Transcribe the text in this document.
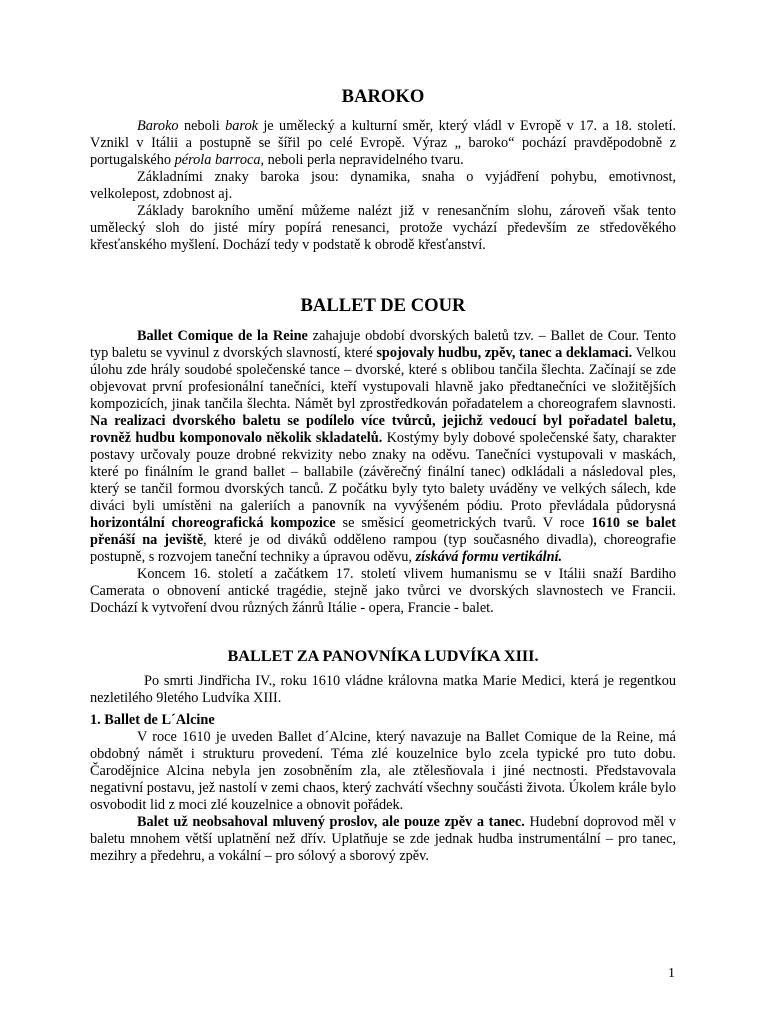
BAROKO

Baroko neboli barok je umělecký a kulturní směr, který vládl v Evropě v 17. a 18. století. Vznikl v Itálii a postupně se šířil po celé Evropě. Výraz „ baroko“ pochází pravděpodobně z portugalského pérola barroca, neboli perla nepravidelného tvaru.

Základními znaky baroka jsou: dynamika, snaha o vyjádření pohybu, emotivnost, velkolepost, zdobnost aj.

Základy barokního umění můžeme nalézt již v renesančním slohu, zároveň však tento umělecký sloh do jisté míry popírá renesanci, protože vychází především ze středověkého křesťanského myšlení. Dochází tedy v podstatě k obrodě křesťanství.

BALLET DE COUR

Ballet Comique de la Reine zahajuje období dvorských baletů tzv. – Ballet de Cour. Tento typ baletu se vyvinul z dvorských slavností, které spojovaly hudbu, zpěv, tanec a deklamaci. Velkou úlohu zde hrály soudobé společenské tance – dvorské, které s oblibou tančila šlechta. Začínají se zde objevovat první profesionální tanečníci, kteří vystupovali hlavně jako předtanečníci ve složitějších kompozicích, jinak tančila šlechta. Námět byl zprostředkován pořadatelem a choreografem slavnosti. Na realizaci dvorského baletu se podílelo více tvůrců, jejichž vedoucí byl pořadatel baletu, rovněž hudbu komponovalo několik skladatelů. Kostýmy byly dobové společenské šaty, charakter postavy určovaly pouze drobné rekvizity nebo znaky na oděvu. Tanečníci vystupovali v maskách, které po finálním le grand ballet – ballabile (závěrečný finální tanec) odkládali a následoval ples, který se tančil formou dvorských tanců. Z počátku byly tyto balety uváděny ve velkých sálech, kde diváci byli umístěni na galeriích a panovník na vyvýšeném pódiu. Proto převládala půdorysná horizontální choreografická kompozice se směsicí geometrických tvarů. V roce 1610 se balet přenáší na jeviště, které je od diváků odděleno rampou (typ současného divadla), choreografie postupně, s rozvojem taneční techniky a úpravou oděvu, získává formu vertikální.

Koncem 16. století a začátkem 17. století vlivem humanismu se v Itálii snaží Bardiho Camerata o obnovení antické tragédie, stejně jako tvůrci ve dvorských slavnostech ve Francii. Dochází k vytvoření dvou různých žánrů Itálie - opera, Francie - balet.

BALLET ZA PANOVNÍKA LUDVÍKA XIII.

Po smrti Jindřicha IV., roku 1610 vládne královna matka Marie Medici, která je regentkou nezletilého 9letého Ludvíka XIII.

1. Ballet de L´Alcine

V roce 1610 je uveden Ballet d´Alcine, který navazuje na Ballet Comique de la Reine, má obdobný námět i strukturu provedení. Téma zlé kouzelnice bylo zcela typické pro tuto dobu. Čarodějnice Alcina nebyla jen zosobněním zla, ale ztělesňovala i jiné nectnosti. Představovala negativní postavu, jež nastolí v zemi chaos, který zachvátí všechny součásti života. Úkolem krále bylo osvobodit lid z moci zlé kouzelnice a obnovit pořádek.

Balet už neobsahoval mluvený proslov, ale pouze zpěv a tanec. Hudební doprovod měl v baletu mnohem větší uplatnění než dřív. Uplatňuje se zde jednak hudba instrumentální – pro tanec, mezihry a předehru, a vokální – pro sólový a sborový zpěv.

1
